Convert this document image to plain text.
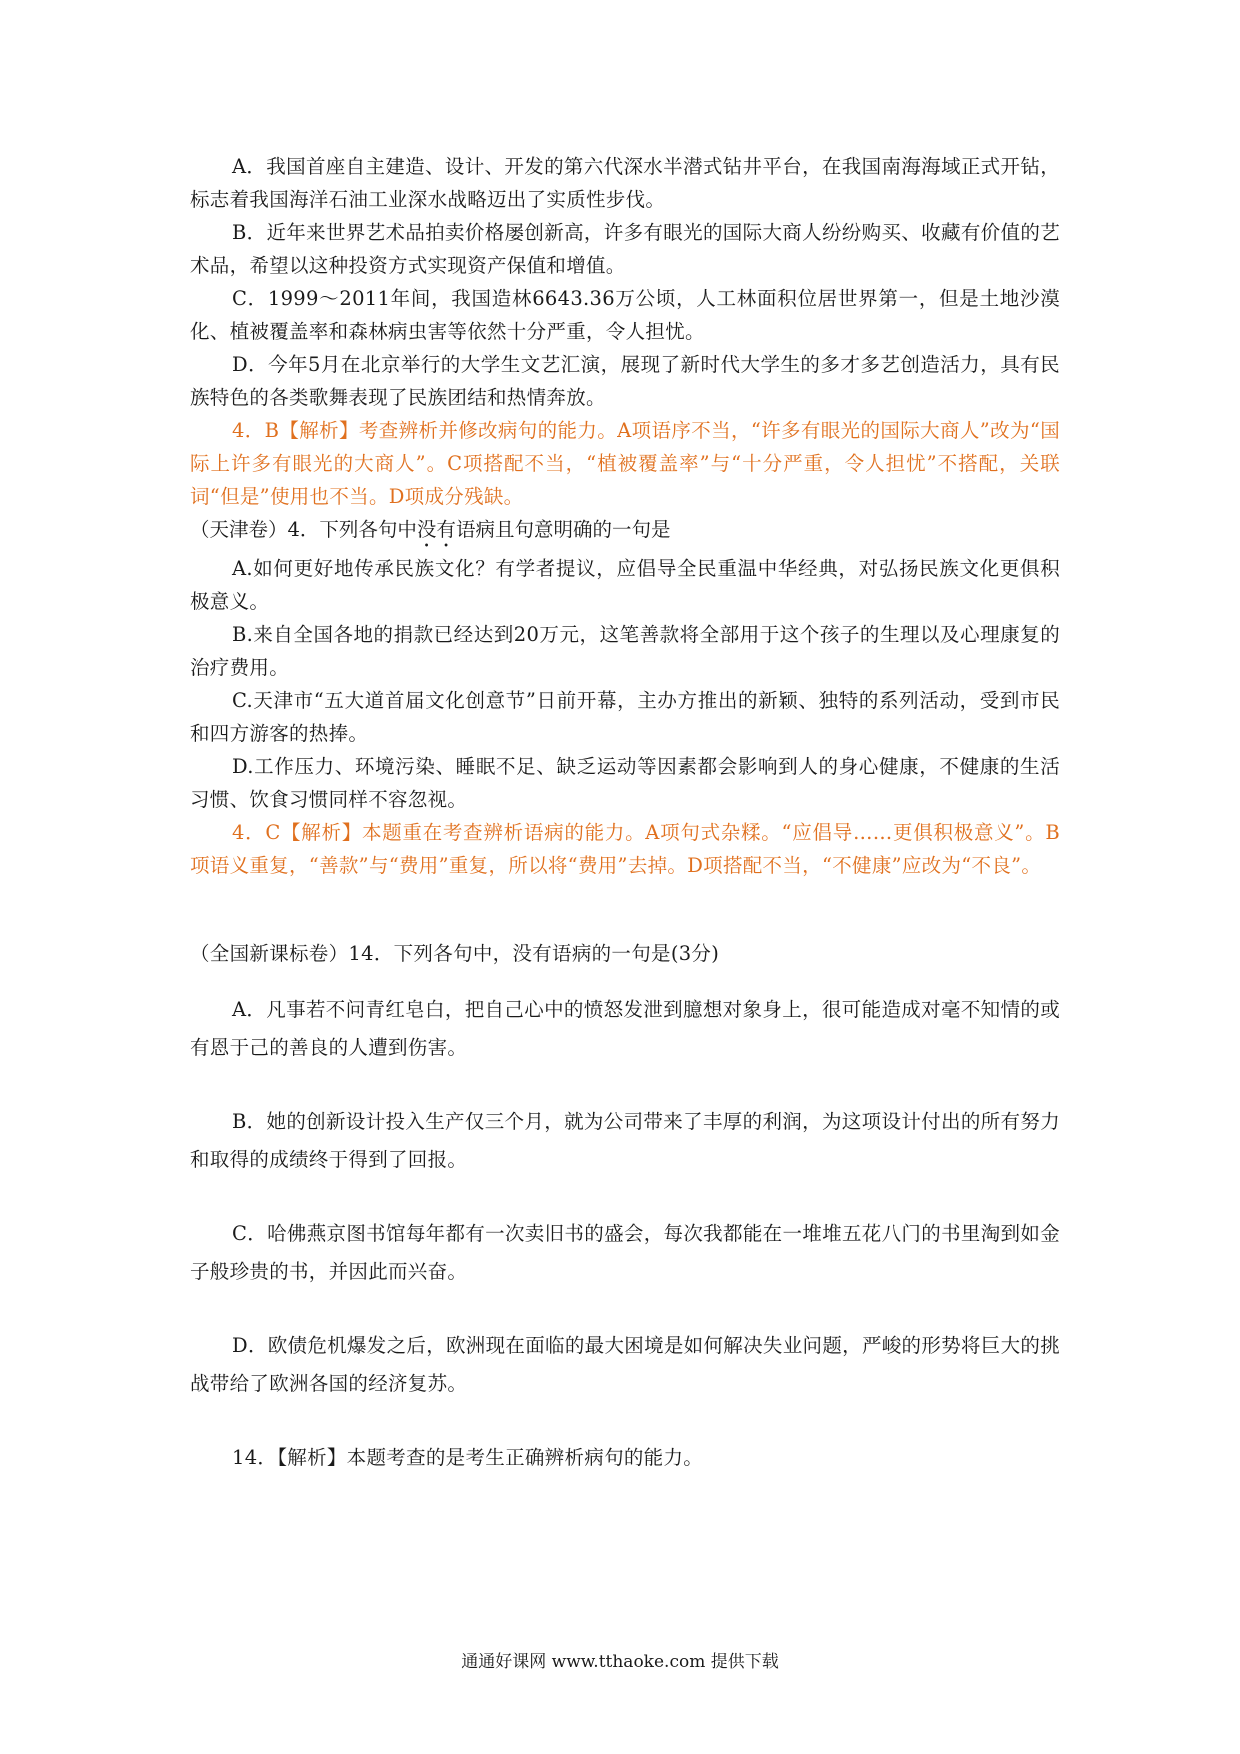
A．我国首座自主建造、设计、开发的第六代深水半潜式钻井平台，在我国南海海域正式开钻，标志着我国海洋石油工业深水战略迈出了实质性步伐。

B．近年来世界艺术品拍卖价格屡创新高，许多有眼光的国际大商人纷纷购买、收藏有价值的艺术品，希望以这种投资方式实现资产保值和增值。

C．1999～2011年间，我国造林6643.36万公顷，人工林面积位居世界第一，但是土地沙漠化、植被覆盖率和森林病虫害等依然十分严重，令人担忧。

D．今年5月在北京举行的大学生文艺汇演，展现了新时代大学生的多才多艺创造活力，具有民族特色的各类歌舞表现了民族团结和热情奔放。

4．B【解析】考查辨析并修改病句的能力。A项语序不当，“许多有眼光的国际大商人”改为“国际上许多有眼光的大商人”。C项搭配不当，“植被覆盖率”与“十分严重，令人担忧”不搭配，关联词“但是”使用也不当。D项成分残缺。

（天津卷）4．下列各句中没有语病且句意明确的一句是

A.如何更好地传承民族文化？有学者提议，应倡导全民重温中华经典，对弘扬民族文化更俱积极意义。

B.来自全国各地的捐款已经达到20万元，这笔善款将全部用于这个孩子的生理以及心理康复的治疗费用。

C.天津市“五大道首届文化创意节”日前开幕，主办方推出的新颖、独特的系列活动，受到市民和四方游客的热捧。

D.工作压力、环境污染、睡眠不足、缺乏运动等因素都会影响到人的身心健康，不健康的生活习惯、饮食习惯同样不容忽视。

4．C【解析】本题重在考查辨析语病的能力。A项句式杂糅。“应倡导……更俱积极意义”。B项语义重复，“善款”与“费用”重复，所以将“费用”去掉。D项搭配不当，“不健康”应改为“不良”。

（全国新课标卷）14．下列各句中，没有语病的一句是(3分)

A．凡事若不问青红皂白，把自己心中的愤怒发泄到臆想对象身上，很可能造成对毫不知情的或有恩于己的善良的人遭到伤害。

B．她的创新设计投入生产仅三个月，就为公司带来了丰厚的利润，为这项设计付出的所有努力和取得的成绩终于得到了回报。

C．哈佛燕京图书馆每年都有一次卖旧书的盛会，每次我都能在一堆堆五花八门的书里淘到如金子般珍贵的书，并因此而兴奋。

D．欧债危机爆发之后，欧洲现在面临的最大困境是如何解决失业问题，严峻的形势将巨大的挑战带给了欧洲各国的经济复苏。

14．【解析】本题考查的是考生正确辨析病句的能力。

通通好课网 www.tthaoke.com 提供下载
